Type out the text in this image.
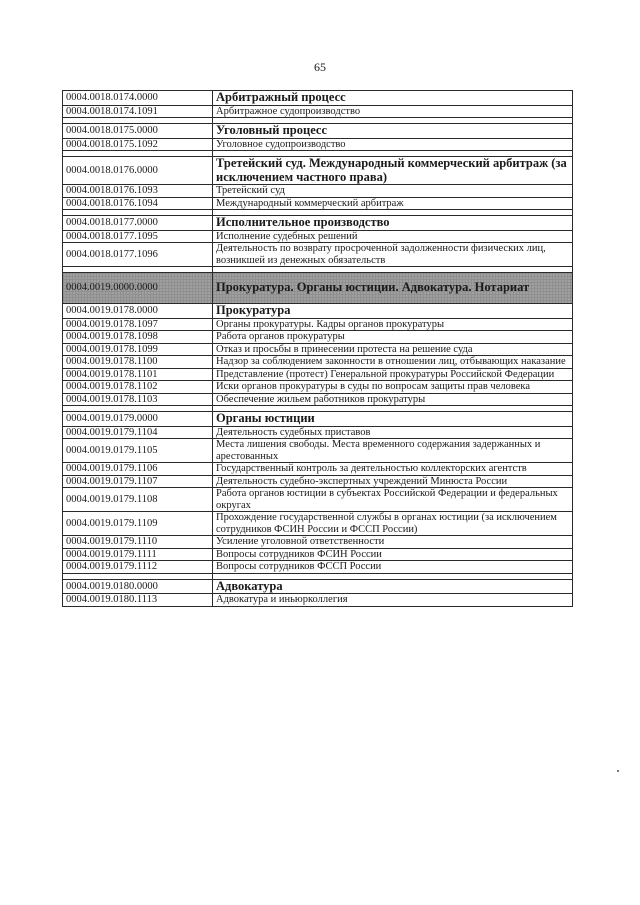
65
0004.0018.0174.0000	Арбитражный процесс
0004.0018.0174.1091	Арбитражное судопроизводство

0004.0018.0175.0000	Уголовный процесс
0004.0018.0175.1092	Уголовное судопроизводство

0004.0018.0176.0000	Третейский суд. Международный коммерческий арбитраж (за исключением частного права)
0004.0018.0176.1093	Третейский суд
0004.0018.0176.1094	Международный коммерческий арбитраж

0004.0018.0177.0000	Исполнительное производство
0004.0018.0177.1095	Исполнение судебных решений
0004.0018.0177.1096	Деятельность по возврату просроченной задолженности физических лиц, возникшей из денежных обязательств

0004.0019.0000.0000	Прокуратура. Органы юстиции. Адвокатура. Нотариат
0004.0019.0178.0000	Прокуратура
0004.0019.0178.1097	Органы прокуратуры. Кадры органов прокуратуры
0004.0019.0178.1098	Работа органов прокуратуры
0004.0019.0178.1099	Отказ и просьбы в принесении протеста на решение суда
0004.0019.0178.1100	Надзор за соблюдением законности в отношении лиц, отбывающих наказание
0004.0019.0178.1101	Представление (протест) Генеральной прокуратуры Российской Федерации
0004.0019.0178.1102	Иски органов прокуратуры в суды по вопросам защиты прав человека
0004.0019.0178.1103	Обеспечение жильем работников прокуратуры

0004.0019.0179.0000	Органы юстиции
0004.0019.0179.1104	Деятельность судебных приставов
0004.0019.0179.1105	Места лишения свободы. Места временного содержания задержанных и арестованных
0004.0019.0179.1106	Государственный контроль за деятельностью коллекторских агентств
0004.0019.0179.1107	Деятельность судебно-экспертных учреждений Минюста России
0004.0019.0179.1108	Работа органов юстиции в субъектах Российской Федерации и федеральных округах
0004.0019.0179.1109	Прохождение государственной службы в органах юстиции (за исключением сотрудников ФСИН России и ФССП России)
0004.0019.0179.1110	Усиление уголовной ответственности
0004.0019.0179.1111	Вопросы сотрудников ФСИН России
0004.0019.0179.1112	Вопросы сотрудников ФССП России

0004.0019.0180.0000	Адвокатура
0004.0019.0180.1113	Адвокатура и иньюрколлегия
